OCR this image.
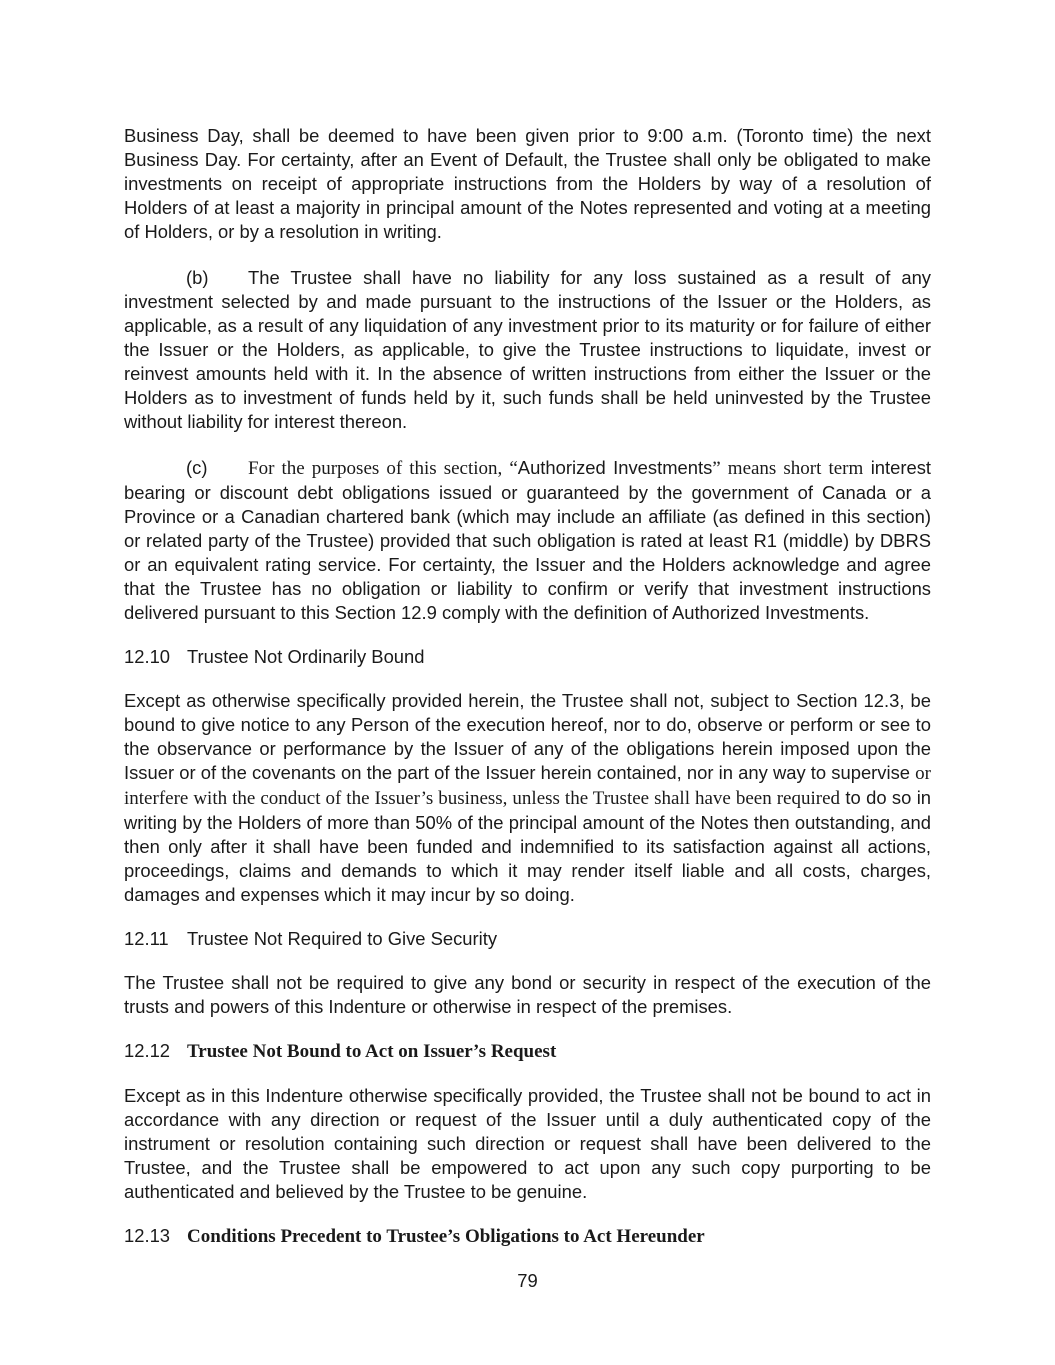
Business Day, shall be deemed to have been given prior to 9:00 a.m. (Toronto time) the next Business Day. For certainty, after an Event of Default, the Trustee shall only be obligated to make investments on receipt of appropriate instructions from the Holders by way of a resolution of Holders of at least a majority in principal amount of the Notes represented and voting at a meeting of Holders, or by a resolution in writing.

(b) The Trustee shall have no liability for any loss sustained as a result of any investment selected by and made pursuant to the instructions of the Issuer or the Holders, as applicable, as a result of any liquidation of any investment prior to its maturity or for failure of either the Issuer or the Holders, as applicable, to give the Trustee instructions to liquidate, invest or reinvest amounts held with it. In the absence of written instructions from either the Issuer or the Holders as to investment of funds held by it, such funds shall be held uninvested by the Trustee without liability for interest thereon.

(c) For the purposes of this section, “Authorized Investments” means short term interest bearing or discount debt obligations issued or guaranteed by the government of Canada or a Province or a Canadian chartered bank (which may include an affiliate (as defined in this section) or related party of the Trustee) provided that such obligation is rated at least R1 (middle) by DBRS or an equivalent rating service. For certainty, the Issuer and the Holders acknowledge and agree that the Trustee has no obligation or liability to confirm or verify that investment instructions delivered pursuant to this Section 12.9 comply with the definition of Authorized Investments.

12.10 Trustee Not Ordinarily Bound

Except as otherwise specifically provided herein, the Trustee shall not, subject to Section 12.3, be bound to give notice to any Person of the execution hereof, nor to do, observe or perform or see to the observance or performance by the Issuer of any of the obligations herein imposed upon the Issuer or of the covenants on the part of the Issuer herein contained, nor in any way to supervise or interfere with the conduct of the Issuer’s business, unless the Trustee shall have been required to do so in writing by the Holders of more than 50% of the principal amount of the Notes then outstanding, and then only after it shall have been funded and indemnified to its satisfaction against all actions, proceedings, claims and demands to which it may render itself liable and all costs, charges, damages and expenses which it may incur by so doing.

12.11 Trustee Not Required to Give Security

The Trustee shall not be required to give any bond or security in respect of the execution of the trusts and powers of this Indenture or otherwise in respect of the premises.

12.12 Trustee Not Bound to Act on Issuer’s Request

Except as in this Indenture otherwise specifically provided, the Trustee shall not be bound to act in accordance with any direction or request of the Issuer until a duly authenticated copy of the instrument or resolution containing such direction or request shall have been delivered to the Trustee, and the Trustee shall be empowered to act upon any such copy purporting to be authenticated and believed by the Trustee to be genuine.

12.13 Conditions Precedent to Trustee’s Obligations to Act Hereunder

79
